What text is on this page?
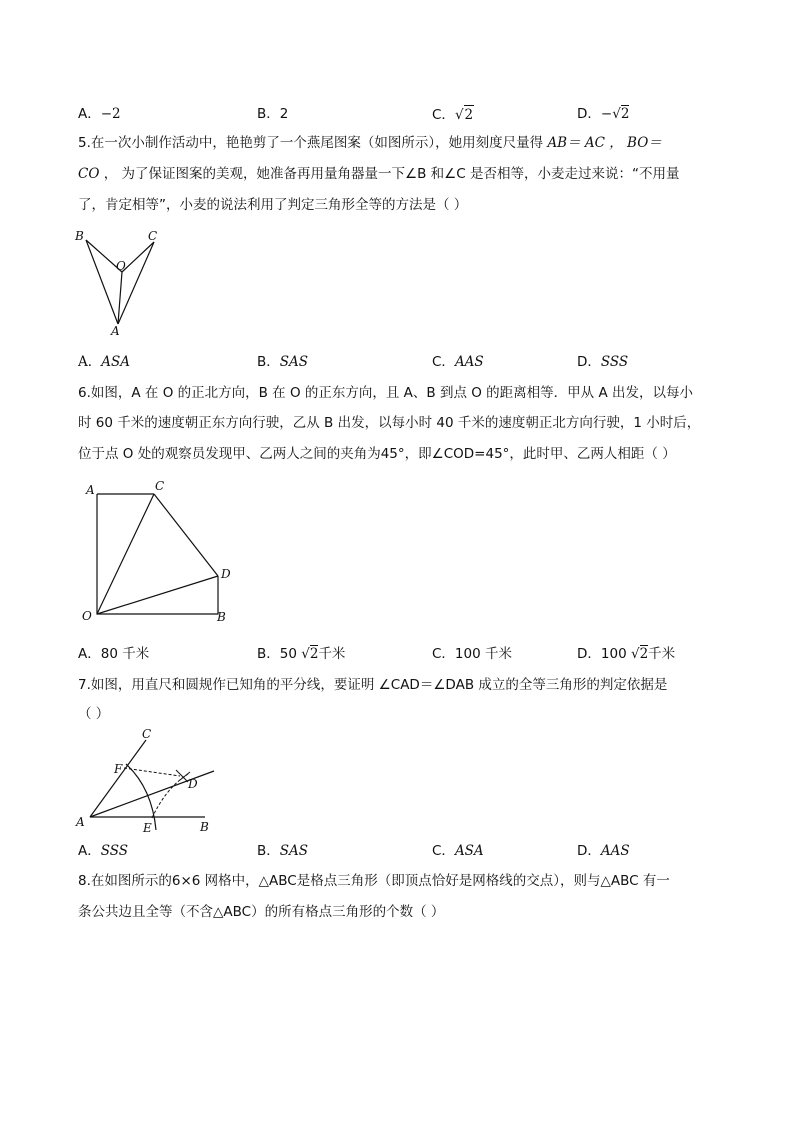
A．−2	B．2	C．√2	D．−√2
5.在一次小制作活动中，艳艳剪了一个燕尾图案（如图所示），她用刻度尺量得 AB＝ AC ， BO＝
CO ， 为了保证图案的美观，她准备再用量角器量一下∠B 和∠C 是否相等，小麦走过来说：“不用量
了，肯定相等”，小麦的说法利用了判定三角形全等的方法是（ ）
B	C
O
A
A．ASA	B．SAS	C．AAS	D．SSS
6.如图，A 在 O 的正北方向，B 在 O 的正东方向，且 A、B 到点 O 的距离相等．甲从 A 出发，以每小
时 60 千米的速度朝正东方向行驶，乙从 B 出发，以每小时 40 千米的速度朝正北方向行驶，1 小时后，
位于点 O 处的观察员发现甲、乙两人之间的夹角为45°，即∠COD=45°，此时甲、乙两人相距（ ）
A	C
D
O	B
A．80 千米	B．50 √2千米	C．100 千米	D．100 √2千米
7.如图，用直尺和圆规作已知角的平分线，要证明 ∠CAD＝∠DAB 成立的全等三角形的判定依据是
（ ）
C
F
D
A	E	B
A．SSS	B．SAS	C．ASA	D．AAS
8.在如图所示的6×6 网格中，△ABC是格点三角形（即顶点恰好是网格线的交点），则与△ABC 有一
条公共边且全等（不含△ABC）的所有格点三角形的个数（ ）
